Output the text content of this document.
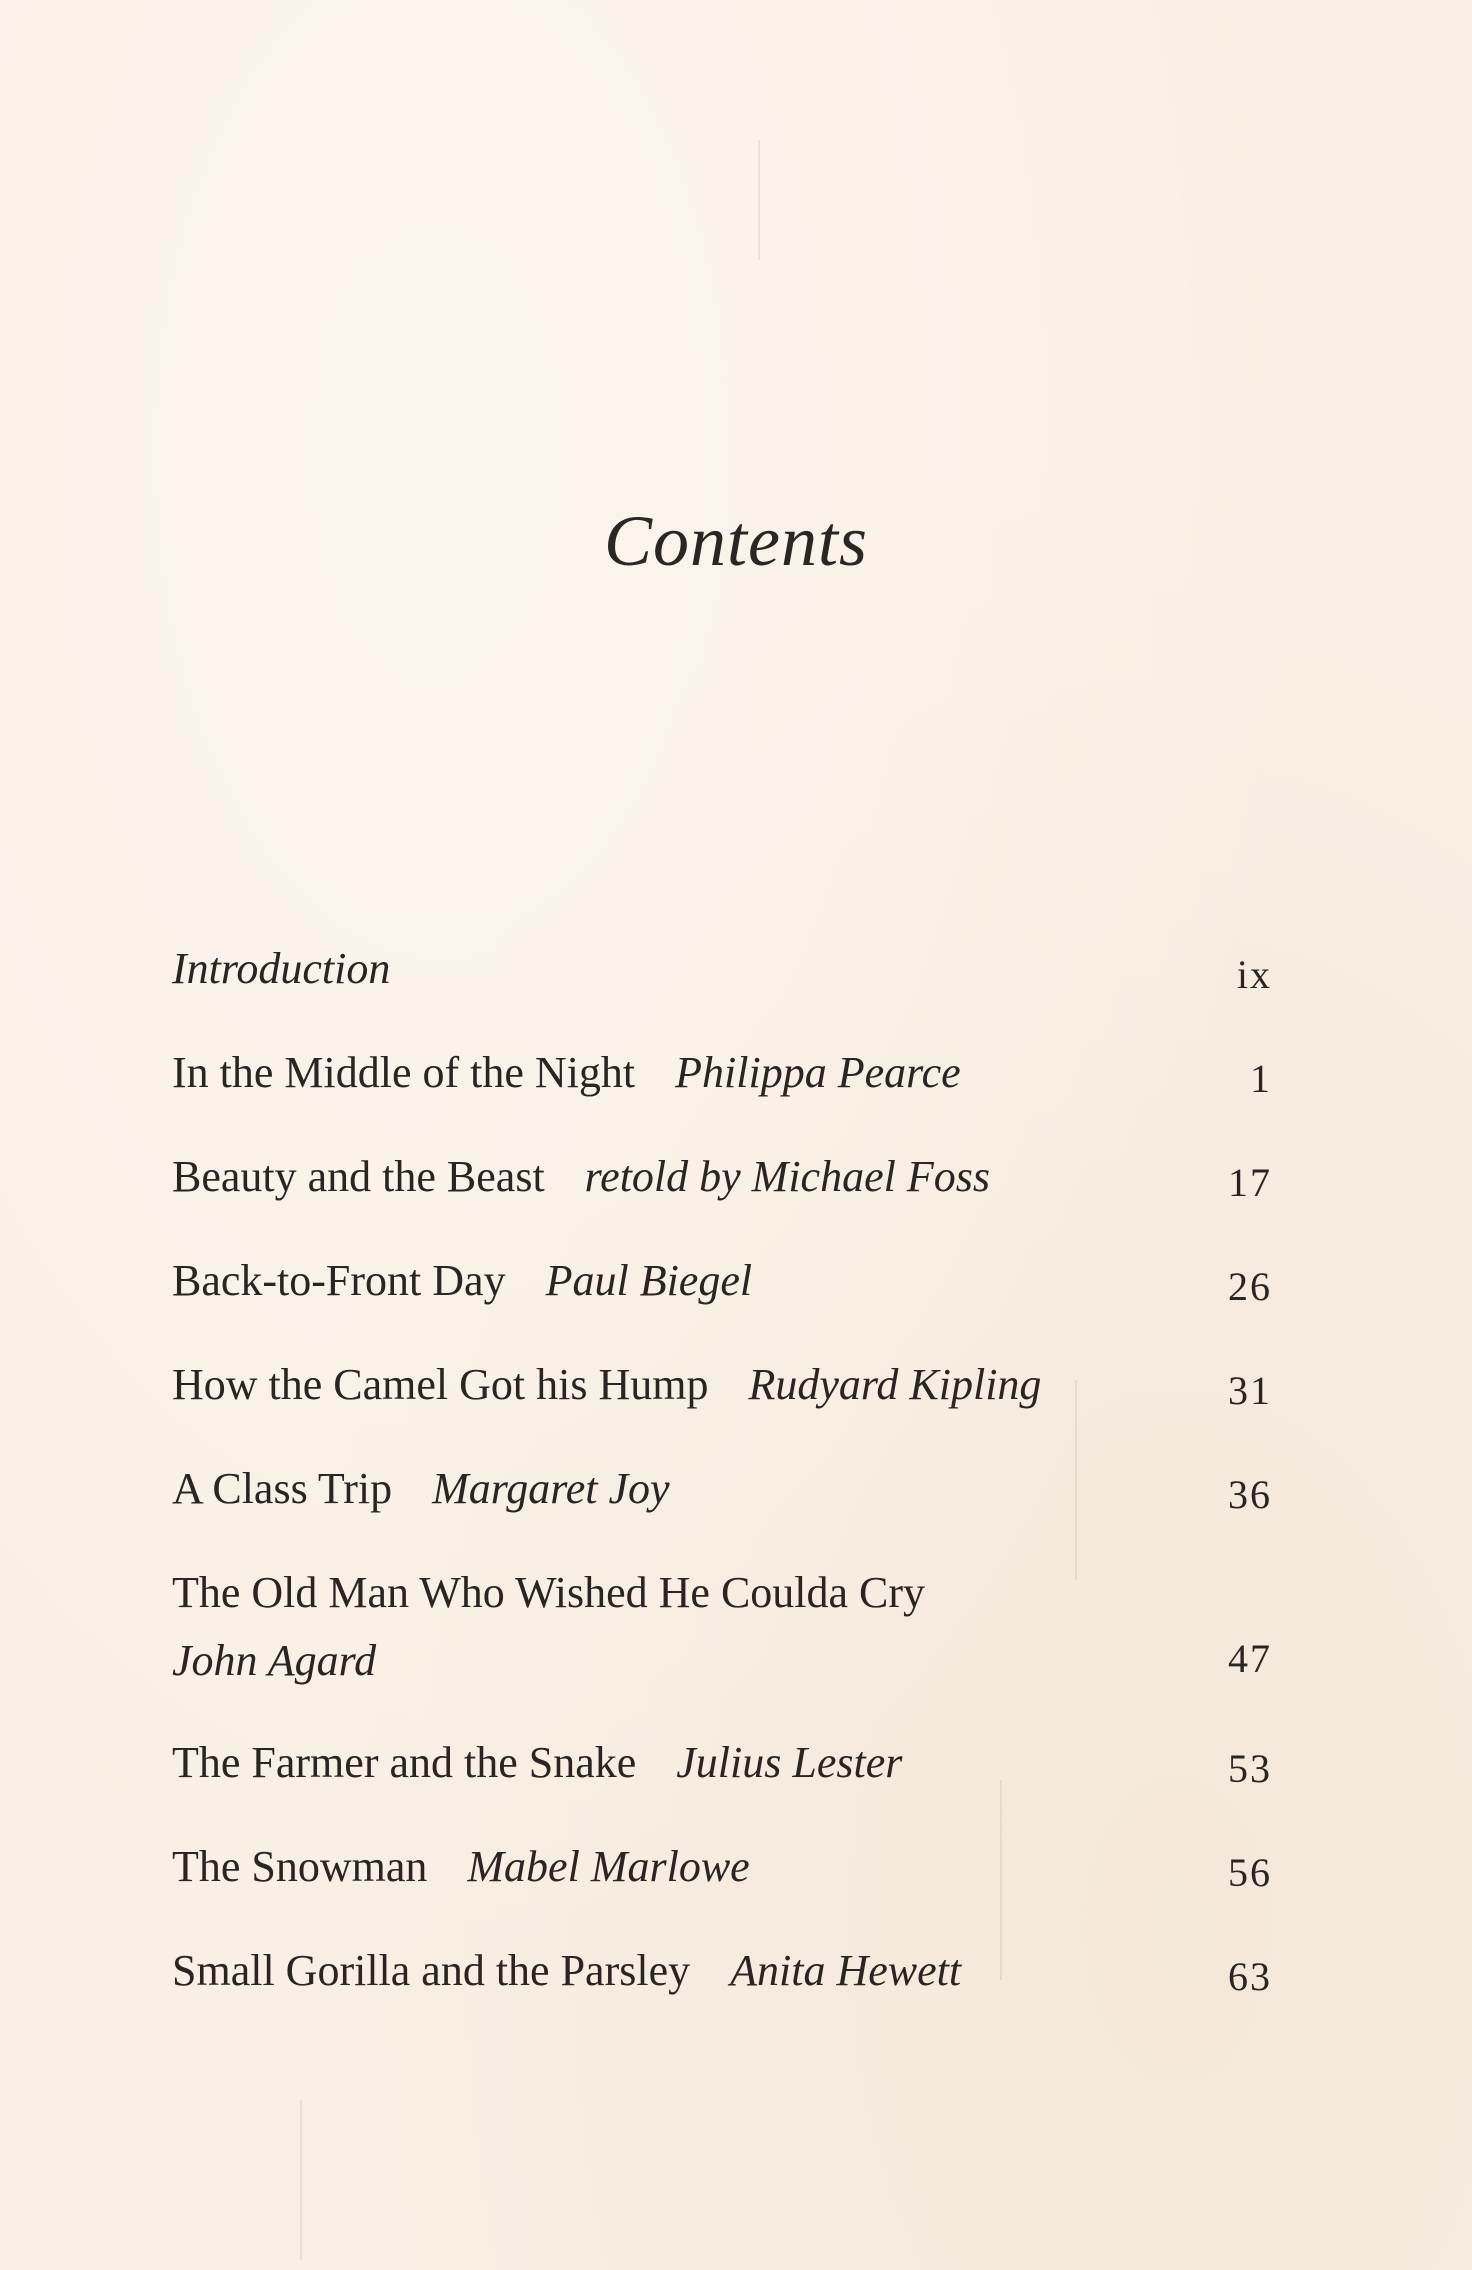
Contents
Introduction	ix
In the Middle of the Night Philippa Pearce	1
Beauty and the Beast retold by Michael Foss	17
Back-to-Front Day Paul Biegel	26
How the Camel Got his Hump Rudyard Kipling	31
A Class Trip Margaret Joy	36
The Old Man Who Wished He Coulda Cry
John Agard	47
The Farmer and the Snake Julius Lester	53
The Snowman Mabel Marlowe	56
Small Gorilla and the Parsley Anita Hewett	63
